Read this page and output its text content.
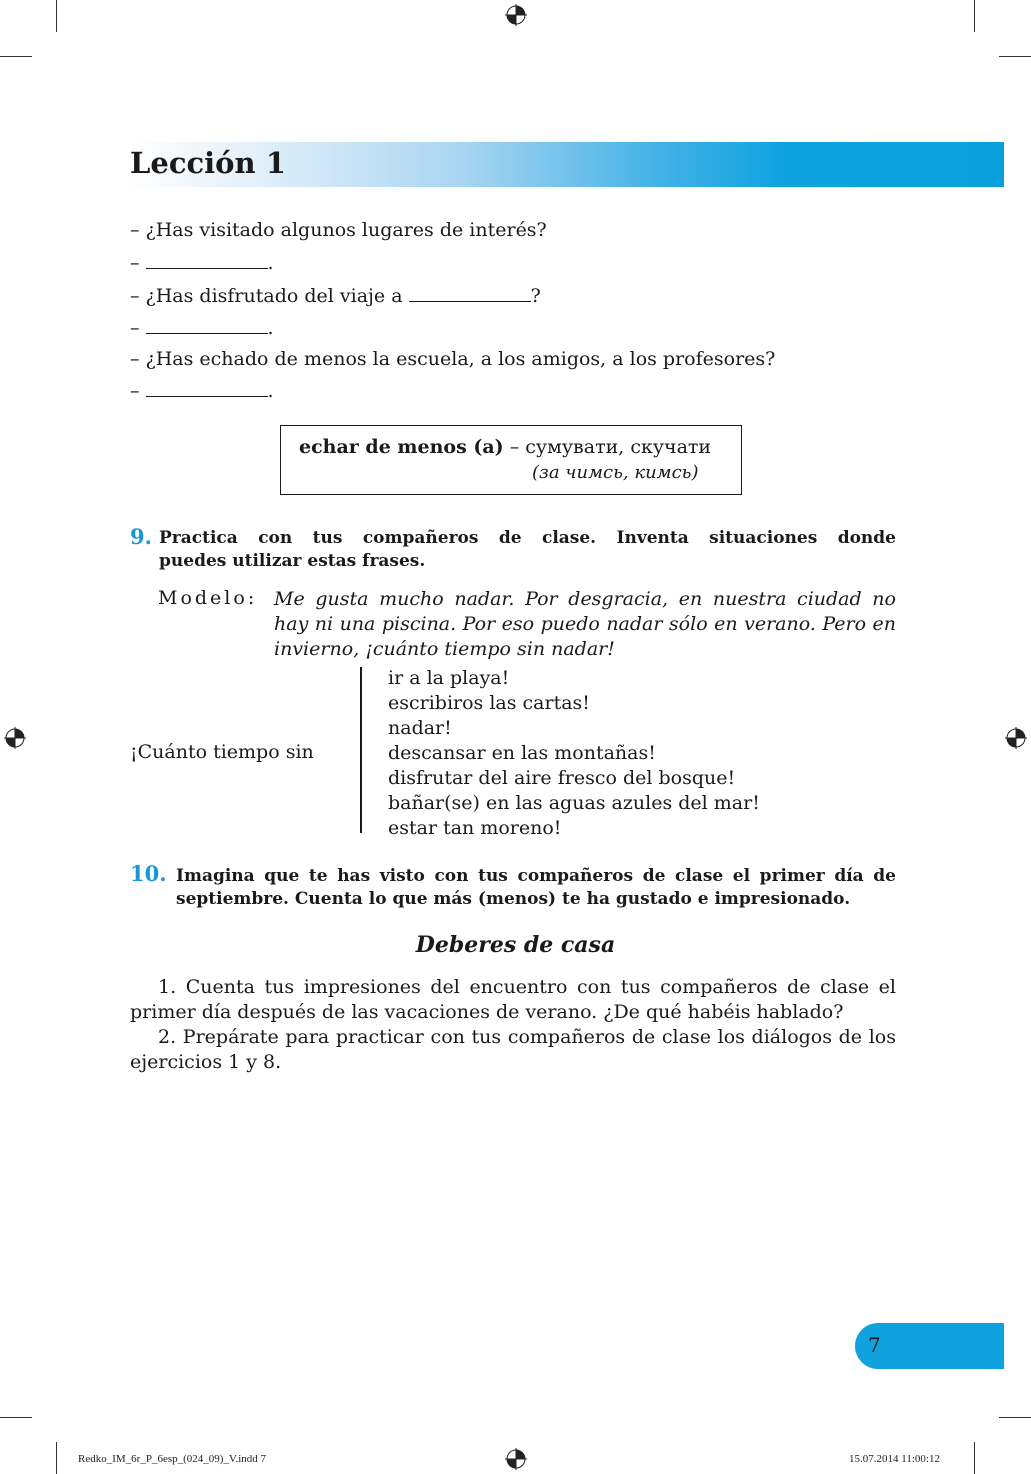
Lección 1
– ¿Has visitado algunos lugares de interés?
–	.
– ¿Has disfrutado del viaje a	?
–	.
– ¿Has echado de menos la escuela, a los amigos, a los profesores?
–	.
echar de menos (a) – сумувати, скучати
(за чимсь, кимсь)
9. Practica con tus compañeros de clase. Inventa situaciones donde
puedes utilizar estas frases.
Modelo: Me gusta mucho nadar. Por desgracia, en nuestra ciudad no
hay ni una piscina. Por eso puedo nadar sólo en verano. Pero en
invierno, ¡cuánto tiempo sin nadar!
¡Cuánto tiempo sin
ir a la playa!
escribiros las cartas!
nadar!
descansar en las montañas!
disfrutar del aire fresco del bosque!
bañar(se) en las aguas azules del mar!
estar tan moreno!
10. Imagina que te has visto con tus compañeros de clase el primer día de
septiembre. Cuenta lo que más (menos) te ha gustado e impresionado.
Deberes de casa
1. Cuenta tus impresiones del encuentro con tus compañeros de clase el
primer día después de las vacaciones de verano. ¿De qué habéis hablado?
2. Prepárate para practicar con tus compañeros de clase los diálogos de los
ejercicios 1 y 8.
7
Redko_IM_6r_P_6esp_(024_09)_V.indd 7	15.07.2014 11:00:12
